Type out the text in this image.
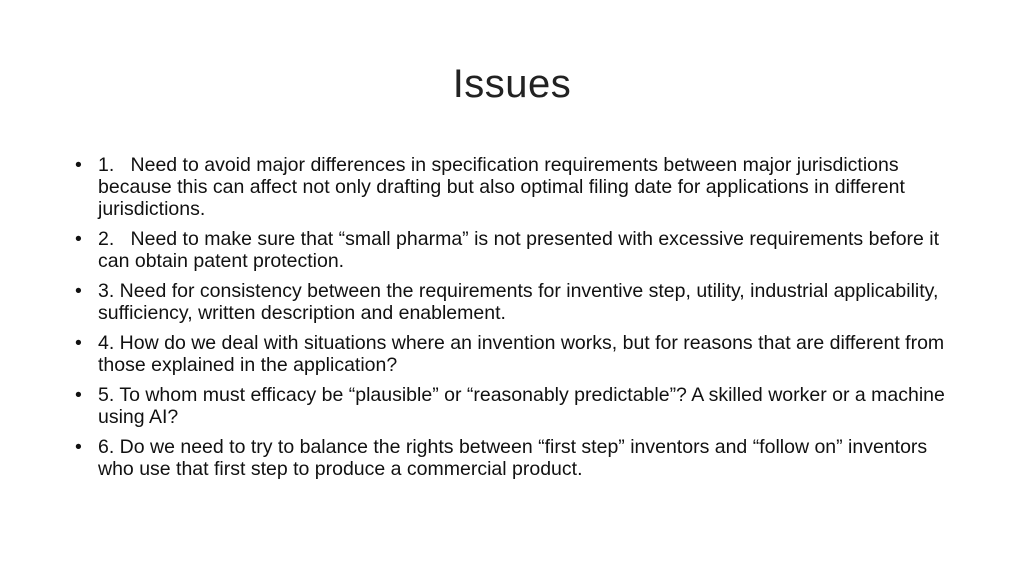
Issues
• 1.	Need to avoid major differences in specification requirements between major jurisdictions because this can affect not only drafting but also optimal filing date for applications in different jurisdictions.
• 2.   Need to make sure that “small pharma” is not presented with excessive requirements before it can obtain patent protection.
• 3. Need for consistency between the requirements for inventive step, utility, industrial applicability, sufficiency, written description and enablement.
• 4. How do we deal with situations where an invention works, but for reasons that are different from those explained in the application?
• 5. To whom must efficacy be “plausible” or “reasonably predictable”? A skilled worker or a machine using AI?
• 6. Do we need to try to balance the rights between “first step” inventors and “follow on” inventors who use that first step to produce a commercial product.
